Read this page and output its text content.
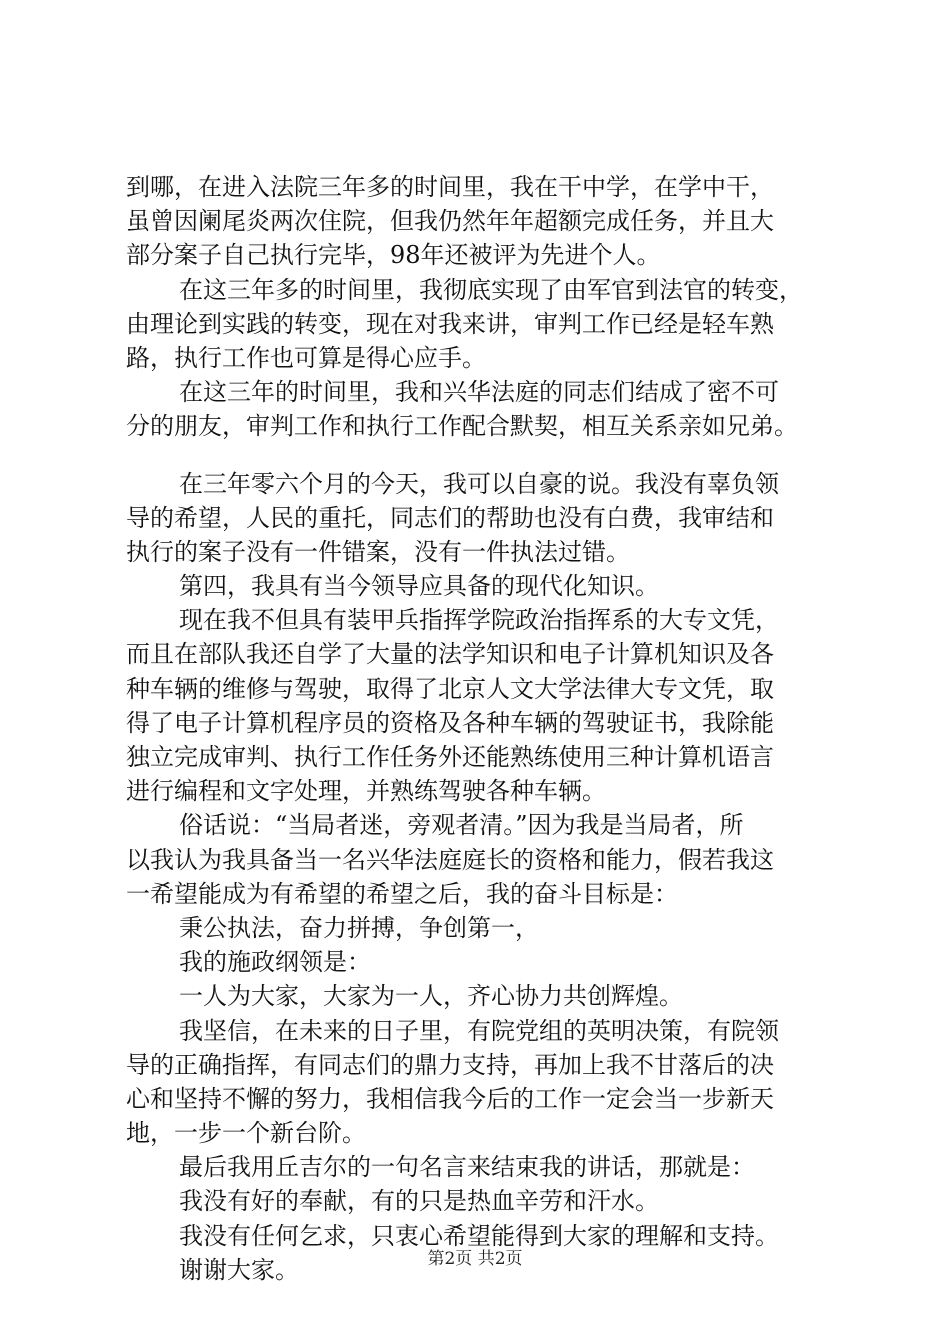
到哪，在进入法院三年多的时间里，我在干中学，在学中干，
虽曾因阑尾炎两次住院，但我仍然年年超额完成任务，并且大
部分案子自己执行完毕，98年还被评为先进个人。
在这三年多的时间里，我彻底实现了由军官到法官的转变，
由理论到实践的转变，现在对我来讲，审判工作已经是轻车熟
路，执行工作也可算是得心应手。
在这三年的时间里，我和兴华法庭的同志们结成了密不可
分的朋友，审判工作和执行工作配合默契，相互关系亲如兄弟。
在三年零六个月的今天，我可以自豪的说。我没有辜负领
导的希望，人民的重托，同志们的帮助也没有白费，我审结和
执行的案子没有一件错案，没有一件执法过错。
第四，我具有当今领导应具备的现代化知识。
现在我不但具有装甲兵指挥学院政治指挥系的大专文凭，
而且在部队我还自学了大量的法学知识和电子计算机知识及各
种车辆的维修与驾驶，取得了北京人文大学法律大专文凭，取
得了电子计算机程序员的资格及各种车辆的驾驶证书，我除能
独立完成审判、执行工作任务外还能熟练使用三种计算机语言
进行编程和文字处理，并熟练驾驶各种车辆。
俗话说：“当局者迷，旁观者清。”因为我是当局者，所
以我认为我具备当一名兴华法庭庭长的资格和能力，假若我这
一希望能成为有希望的希望之后，我的奋斗目标是：
秉公执法，奋力拼搏，争创第一，
我的施政纲领是：
一人为大家，大家为一人，齐心协力共创辉煌。
我坚信，在未来的日子里，有院党组的英明决策，有院领
导的正确指挥，有同志们的鼎力支持，再加上我不甘落后的决
心和坚持不懈的努力，我相信我今后的工作一定会当一步新天
地，一步一个新台阶。
最后我用丘吉尔的一句名言来结束我的讲话，那就是：
我没有好的奉献，有的只是热血辛劳和汗水。
我没有任何乞求，只衷心希望能得到大家的理解和支持。
谢谢大家。	第2页 共2页
